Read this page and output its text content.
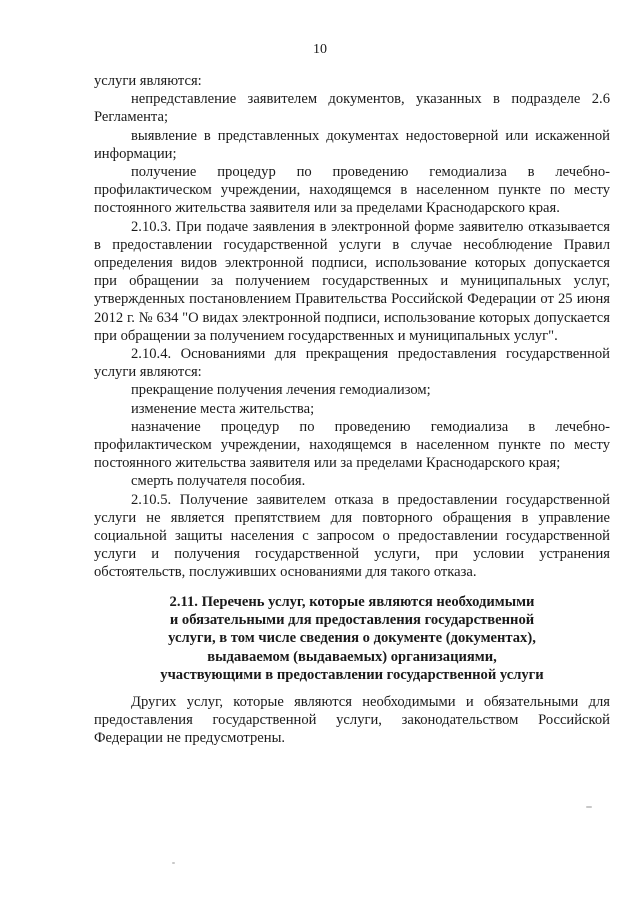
10

услуги являются:

непредставление заявителем документов, указанных в подразделе 2.6 Регламента;

выявление в представленных документах недостоверной или искаженной информации;

получение процедур по проведению гемодиализа в лечебно-профилактическом учреждении, находящемся в населенном пункте по месту постоянного жительства заявителя или за пределами Краснодарского края.

2.10.3. При подаче заявления в электронной форме заявителю отказывается в предоставлении государственной услуги в случае несоблюдение Правил определения видов электронной подписи, использование которых допускается при обращении за получением государственных и муниципальных услуг, утвержденных постановлением Правительства Российской Федерации от 25 июня 2012 г. № 634 "О видах электронной подписи, использование которых допускается при обращении за получением государственных и муниципальных услуг".

2.10.4. Основаниями для прекращения предоставления государственной услуги являются:

прекращение получения лечения гемодиализом;

изменение места жительства;

назначение процедур по проведению гемодиализа в лечебно-профилактическом учреждении, находящемся в населенном пункте по месту постоянного жительства заявителя или за пределами Краснодарского края;

смерть получателя пособия.

2.10.5. Получение заявителем отказа в предоставлении государственной услуги не является препятствием для повторного обращения в управление социальной защиты населения с запросом о предоставлении государственной услуги и получения государственной услуги, при условии устранения обстоятельств, послуживших основаниями для такого отказа.

2.11. Перечень услуг, которые являются необходимыми
и обязательными для предоставления государственной
услуги, в том числе сведения о документе (документах),
выдаваемом (выдаваемых) организациями,
участвующими в предоставлении государственной услуги

Других услуг, которые являются необходимыми и обязательными для предоставления государственной услуги, законодательством Российской Федерации не предусмотрены.
